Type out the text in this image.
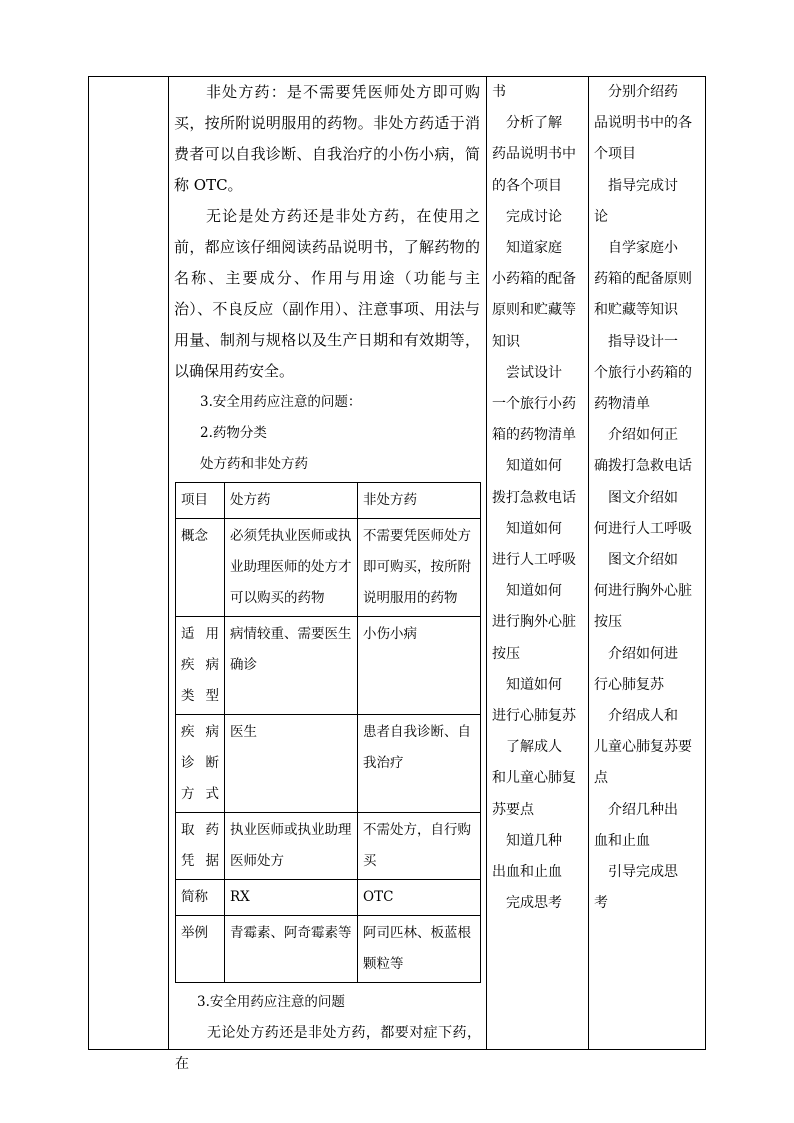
非处方药：是不需要凭医师处方即可购买，按所附说明服用的药物。非处方药适于消费者可以自我诊断、自我治疗的小伤小病，简称 OTC。

无论是处方药还是非处方药，在使用之前，都应该仔细阅读药品说明书，了解药物的名称、主要成分、作用与用途（功能与主治）、不良反应（副作用）、注意事项、用法与用量、制剂与规格以及生产日期和有效期等，以确保用药安全。

3.安全用药应注意的问题：

2.药物分类

处方药和非处方药

项目	处方药	非处方药
概念	必须凭执业医师或执业助理医师的处方才可以购买的药物	不需要凭医师处方即可购买，按所附说明服用的药物
适用疾病类型	病情较重、需要医生确诊	小伤小病
疾病诊断方式	医生	患者自我诊断、自我治疗
取药凭据	执业医师或执业助理医师处方	不需处方，自行购买
简称	RX	OTC
举例	青霉素、阿奇霉素等	阿司匹林、板蓝根颗粒等

3.安全用药应注意的问题

无论处方药还是非处方药，都要对症下药，在

书

　分析了解

药品说明书中

的各个项目

　完成讨论

　知道家庭

小药箱的配备

原则和贮藏等

知识

　尝试设计

一个旅行小药

箱的药物清单

　知道如何

拨打急救电话

　知道如何

进行人工呼吸

　知道如何

进行胸外心脏

按压

　知道如何

进行心肺复苏

　了解成人

和儿童心肺复

苏要点

　知道几种

出血和止血

　完成思考

　分别介绍药

品说明书中的各

个项目

　指导完成讨

论

　自学家庭小

药箱的配备原则

和贮藏等知识

　指导设计一

个旅行小药箱的

药物清单

　介绍如何正

确拨打急救电话

　图文介绍如

何进行人工呼吸

　图文介绍如

何进行胸外心脏

按压

　介绍如何进

行心肺复苏

　介绍成人和

儿童心肺复苏要

点

　介绍几种出

血和止血

　引导完成思

考
